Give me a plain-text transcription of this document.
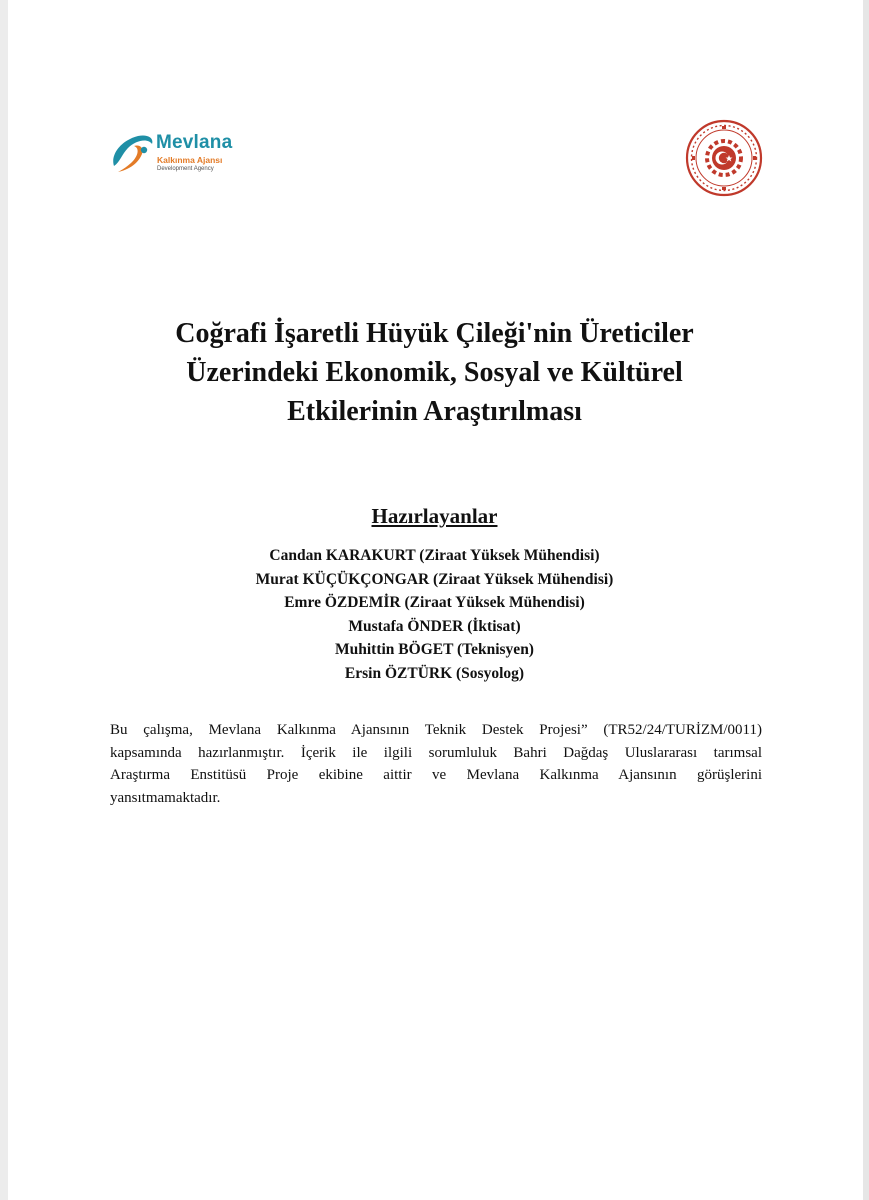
Mevlana
Kalkınma Ajansı
Development Agency
Coğrafi İşaretli Hüyük Çileği'nin Üreticiler
Üzerindeki Ekonomik, Sosyal ve Kültürel
Etkilerinin Araştırılması
Hazırlayanlar
Candan KARAKURT (Ziraat Yüksek Mühendisi)
Murat KÜÇÜKÇONGAR (Ziraat Yüksek Mühendisi)
Emre ÖZDEMİR (Ziraat Yüksek Mühendisi)
Mustafa ÖNDER (İktisat)
Muhittin BÖGET (Teknisyen)
Ersin ÖZTÜRK (Sosyolog)

Bu çalışma, Mevlana Kalkınma Ajansının Teknik Destek Projesi” (TR52/24/TURİZM/0011)
kapsamında hazırlanmıştır. İçerik ile ilgili sorumluluk Bahri Dağdaş Uluslararası tarımsal
Araştırma Enstitüsü Proje ekibine aittir ve Mevlana Kalkınma Ajansının görüşlerini
yansıtmamaktadır.
